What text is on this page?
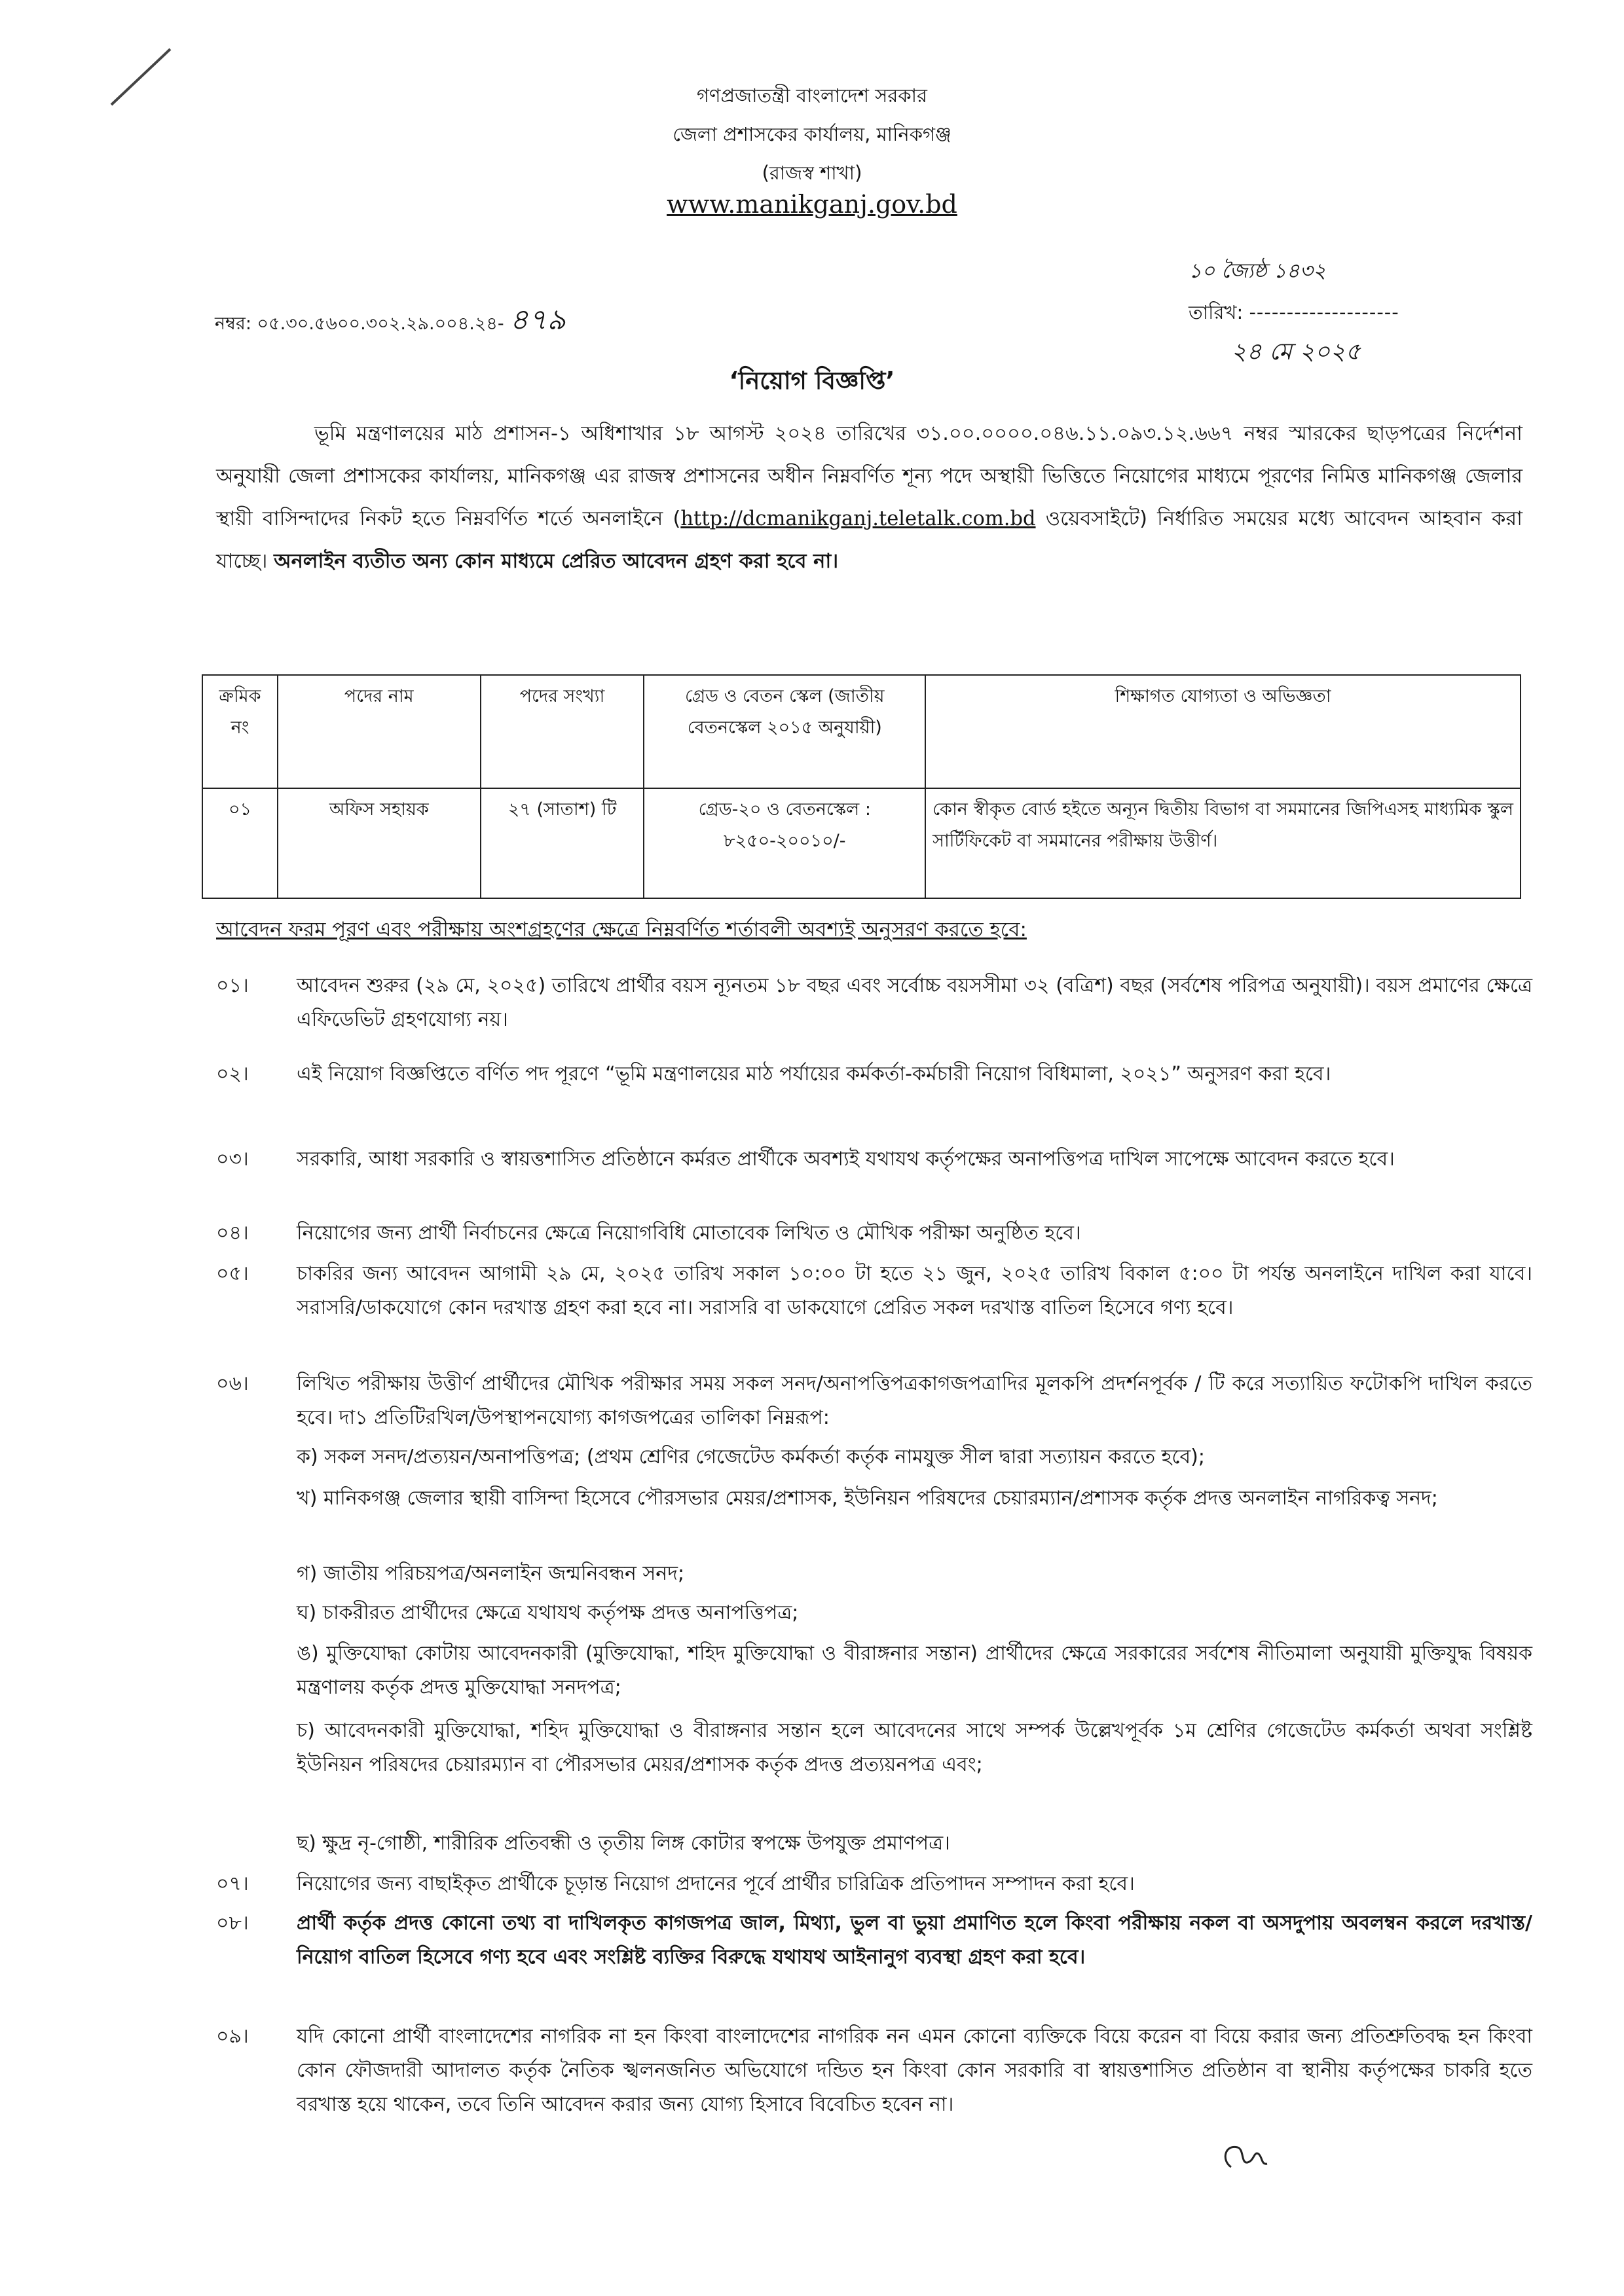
গণপ্রজাতন্ত্রী বাংলাদেশ সরকার
জেলা প্রশাসকের কার্যালয়, মানিকগঞ্জ
(রাজস্ব শাখা)
www.manikganj.gov.bd
নম্বর: ০৫.৩০.৫৬০০.৩০২.২৯.০০৪.২৪- ৪৭৯
১০ জ্যৈষ্ঠ ১৪৩২
তারিখ: --------------------
২৪ মে ২০২৫
‘নিয়োগ বিজ্ঞপ্তি’

ভূমি মন্ত্রণালয়ের মাঠ প্রশাসন-১ অধিশাখার ১৮ আগস্ট ২০২৪ তারিখের ৩১.০০.০০০০.০৪৬.১১.০৯৩.১২.৬৬৭ নম্বর স্মারকের ছাড়পত্রের নির্দেশনা অনুযায়ী জেলা প্রশাসকের কার্যালয়, মানিকগঞ্জ এর রাজস্ব প্রশাসনের অধীন নিম্নবর্ণিত শূন্য পদে অস্থায়ী ভিত্তিতে নিয়োগের মাধ্যমে পূরণের নিমিত্ত মানিকগঞ্জ জেলার স্থায়ী বাসিন্দাদের নিকট হতে নিম্নবর্ণিত শর্তে অনলাইনে (http://dcmanikganj.teletalk.com.bd ওয়েবসাইটে) নির্ধারিত সময়ের মধ্যে আবেদন আহবান করা যাচ্ছে। অনলাইন ব্যতীত অন্য কোন মাধ্যমে প্রেরিত আবেদন গ্রহণ করা হবে না।

ক্রমিক নং	পদের নাম	পদের সংখ্যা	গ্রেড ও বেতন স্কেল (জাতীয় বেতনস্কেল ২০১৫ অনুযায়ী)	শিক্ষাগত যোগ্যতা ও অভিজ্ঞতা
০১	অফিস সহায়ক	২৭ (সাতাশ) টি	গ্রেড-২০ ও বেতনস্কেল : ৮২৫০-২০০১০/-	কোন স্বীকৃত বোর্ড হইতে অন্যূন দ্বিতীয় বিভাগ বা সমমানের জিপিএসহ মাধ্যমিক স্কুল সার্টিফিকেট বা সমমানের পরীক্ষায় উত্তীর্ণ।
আবেদন ফরম পূরণ এবং পরীক্ষায় অংশগ্রহণের ক্ষেত্রে নিম্নবর্ণিত শর্তাবলী অবশ্যই অনুসরণ করতে হবে:
০১।	আবেদন শুরুর (২৯ মে, ২০২৫) তারিখে প্রার্থীর বয়স ন্যূনতম ১৮ বছর এবং সর্বোচ্চ বয়সসীমা ৩২ (বত্রিশ) বছর (সর্বশেষ পরিপত্র অনুযায়ী)। বয়স প্রমাণের ক্ষেত্রে এফিডেভিট গ্রহণযোগ্য নয়।
০২।	এই নিয়োগ বিজ্ঞপ্তিতে বর্ণিত পদ পূরণে “ভূমি মন্ত্রণালয়ের মাঠ পর্যায়ের কর্মকর্তা-কর্মচারী নিয়োগ বিধিমালা, ২০২১” অনুসরণ করা হবে।
০৩।	সরকারি, আধা সরকারি ও স্বায়ত্তশাসিত প্রতিষ্ঠানে কর্মরত প্রার্থীকে অবশ্যই যথাযথ কর্তৃপক্ষের অনাপত্তিপত্র দাখিল সাপেক্ষে আবেদন করতে হবে।
০৪।	নিয়োগের জন্য প্রার্থী নির্বাচনের ক্ষেত্রে নিয়োগবিধি মোতাবেক লিখিত ও মৌখিক পরীক্ষা অনুষ্ঠিত হবে।
০৫।	চাকরির জন্য আবেদন আগামী ২৯ মে, ২০২৫ তারিখ সকাল ১০:০০ টা হতে ২১ জুন, ২০২৫ তারিখ বিকাল ৫:০০ টা পর্যন্ত অনলাইনে দাখিল করা যাবে। সরাসরি/ডাকযোগে কোন দরখাস্ত গ্রহণ করা হবে না। সরাসরি বা ডাকযোগে প্রেরিত সকল দরখাস্ত বাতিল হিসেবে গণ্য হবে।
০৬।	লিখিত পরীক্ষায় উত্তীর্ণ প্রার্থীদের মৌখিক পরীক্ষার সময় সকল সনদ/অনাপত্তিপত্রকাগজপত্রাদির মূলকপি প্রদর্শনপূর্বক / টি করে সত্যায়িত ফটোকপি দাখিল করতে হবে। দা১ প্রতিটিরখিল/উপস্থাপনযোগ্য কাগজপত্রের তালিকা নিম্নরূপ:
ক) সকল সনদ/প্রত্যয়ন/অনাপত্তিপত্র; (প্রথম শ্রেণির গেজেটেড কর্মকর্তা কর্তৃক নামযুক্ত সীল দ্বারা সত্যায়ন করতে হবে);
খ) মানিকগঞ্জ জেলার স্থায়ী বাসিন্দা হিসেবে পৌরসভার মেয়র/প্রশাসক, ইউনিয়ন পরিষদের চেয়ারম্যান/প্রশাসক কর্তৃক প্রদত্ত অনলাইন নাগরিকত্ব সনদ;
গ) জাতীয় পরিচয়পত্র/অনলাইন জন্মনিবন্ধন সনদ;
ঘ) চাকরীরত প্রার্থীদের ক্ষেত্রে যথাযথ কর্তৃপক্ষ প্রদত্ত অনাপত্তিপত্র;
ঙ) মুক্তিযোদ্ধা কোটায় আবেদনকারী (মুক্তিযোদ্ধা, শহিদ মুক্তিযোদ্ধা ও বীরাঙ্গনার সন্তান) প্রার্থীদের ক্ষেত্রে সরকারের সর্বশেষ নীতিমালা অনুযায়ী মুক্তিযুদ্ধ বিষয়ক মন্ত্রণালয় কর্তৃক প্রদত্ত মুক্তিযোদ্ধা সনদপত্র;
চ) আবেদনকারী মুক্তিযোদ্ধা, শহিদ মুক্তিযোদ্ধা ও বীরাঙ্গনার সন্তান হলে আবেদনের সাথে সম্পর্ক উল্লেখপূর্বক ১ম শ্রেণির গেজেটেড কর্মকর্তা অথবা সংশ্লিষ্ট ইউনিয়ন পরিষদের চেয়ারম্যান বা পৌরসভার মেয়র/প্রশাসক কর্তৃক প্রদত্ত প্রত্যয়নপত্র এবং;
ছ) ক্ষুদ্র নৃ-গোষ্ঠী, শারীরিক প্রতিবন্ধী ও তৃতীয় লিঙ্গ কোটার স্বপক্ষে উপযুক্ত প্রমাণপত্র।
০৭।	নিয়োগের জন্য বাছাইকৃত প্রার্থীকে চূড়ান্ত নিয়োগ প্রদানের পূর্বে প্রার্থীর চারিত্রিক প্রতিপাদন সম্পাদন করা হবে।
০৮।	প্রার্থী কর্তৃক প্রদত্ত কোনো তথ্য বা দাখিলকৃত কাগজপত্র জাল, মিথ্যা, ভুল বা ভুয়া প্রমাণিত হলে কিংবা পরীক্ষায় নকল বা অসদুপায় অবলম্বন করলে দরখাস্ত/নিয়োগ বাতিল হিসেবে গণ্য হবে এবং সংশ্লিষ্ট ব্যক্তির বিরুদ্ধে যথাযথ আইনানুগ ব্যবস্থা গ্রহণ করা হবে।
০৯।	যদি কোনো প্রার্থী বাংলাদেশের নাগরিক না হন কিংবা বাংলাদেশের নাগরিক নন এমন কোনো ব্যক্তিকে বিয়ে করেন বা বিয়ে করার জন্য প্রতিশ্রুতিবদ্ধ হন কিংবা কোন ফৌজদারী আদালত কর্তৃক নৈতিক স্খলনজনিত অভিযোগে দন্ডিত হন কিংবা কোন সরকারি বা স্বায়ত্তশাসিত প্রতিষ্ঠান বা স্থানীয় কর্তৃপক্ষের চাকরি হতে বরখাস্ত হয়ে থাকেন, তবে তিনি আবেদন করার জন্য যোগ্য হিসাবে বিবেচিত হবেন না।
